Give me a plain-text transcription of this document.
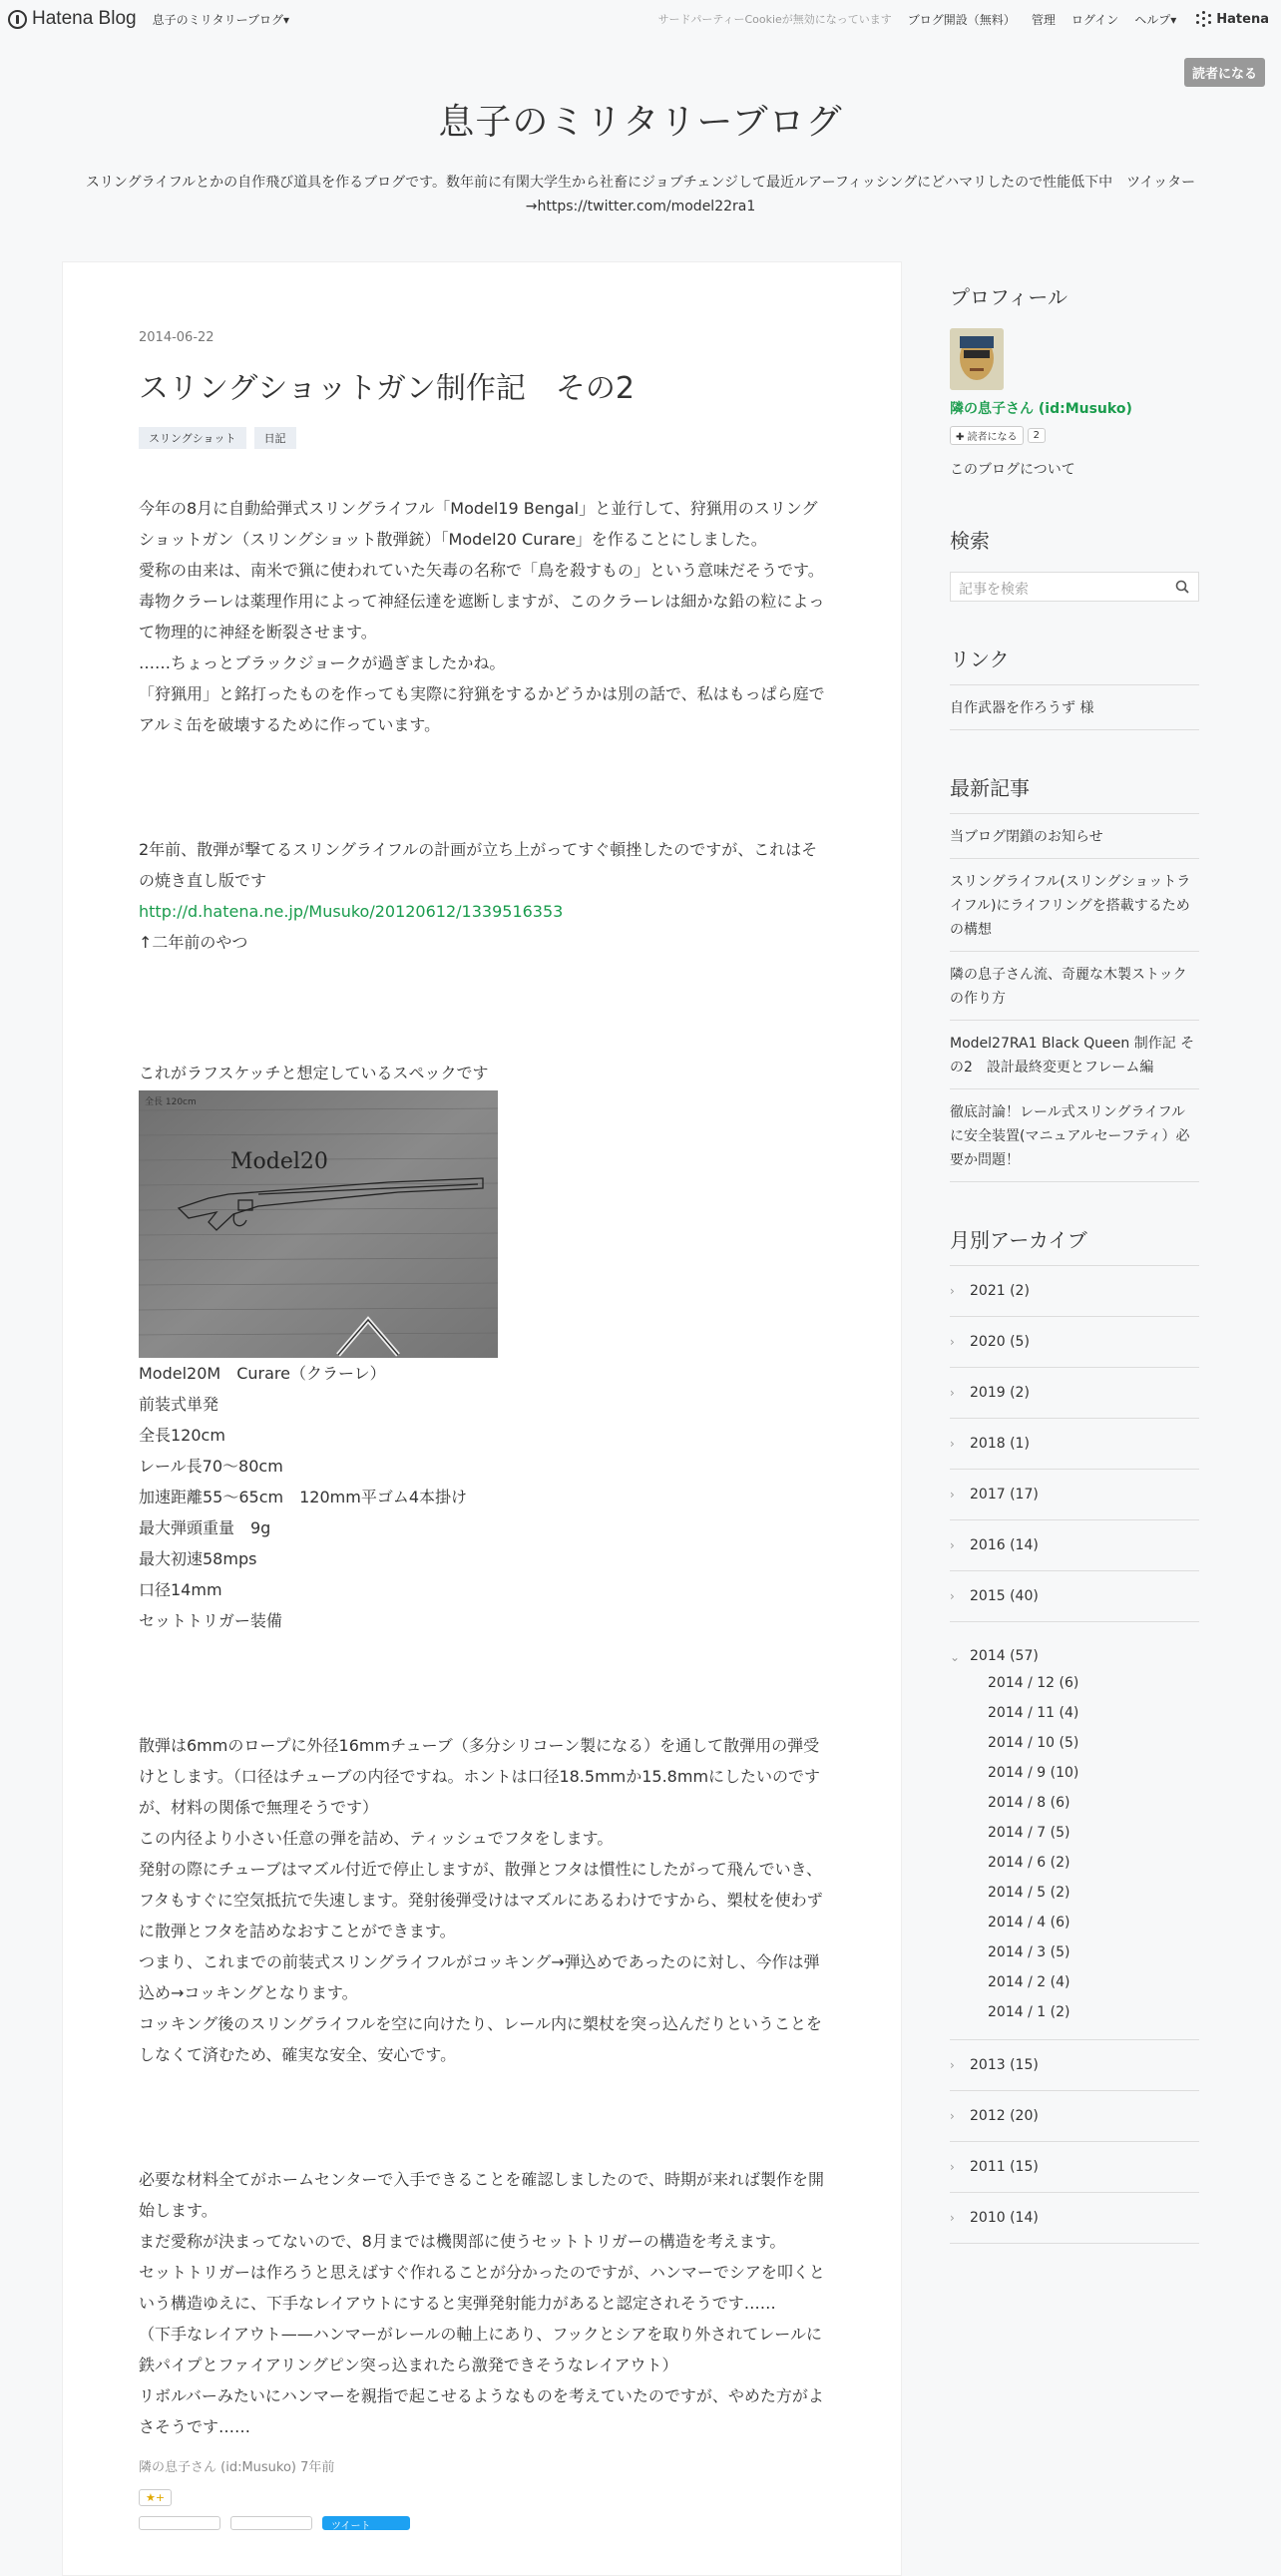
Hatena Blog 息子のミリタリーブログ▾	サードパーティーCookieが無効になっています ブログ開設（無料） 管理 ログイン ヘルプ▾	Hatena
読者になる
息子のミリタリーブログ
スリングライフルとかの自作飛び道具を作るブログです。数年前に有閑大学生から社畜にジョブチェンジして最近ルアーフィッシングにどハマリしたので性能低下中　ツイッター→https://twitter.com/model22ra1
2014-06-22
スリングショットガン制作記　その2
スリングショット	日記

今年の8月に自動給弾式スリングライフル「Model19 Bengal」と並行して、狩猟用のスリングショットガン（スリングショット散弾銃）「Model20 Curare」を作ることにしました。

愛称の由来は、南米で猟に使われていた矢毒の名称で「鳥を殺すもの」という意味だそうです。

毒物クラーレは薬理作用によって神経伝達を遮断しますが、このクラーレは細かな鉛の粒によって物理的に神経を断裂させます。

……ちょっとブラックジョークが過ぎましたかね。

「狩猟用」と銘打ったものを作っても実際に狩猟をするかどうかは別の話で、私はもっぱら庭でアルミ缶を破壊するために作っています。

2年前、散弾が撃てるスリングライフルの計画が立ち上がってすぐ頓挫したのですが、これはその焼き直し版です

http://d.hatena.ne.jp/Musuko/20120612/1339516353

↑二年前のやつ

これがラフスケッチと想定しているスペックです

Model20
全長 120cm

Model20M　Curare（クラーレ）

前装式単発

全長120cm

レール長70〜80cm

加速距離55〜65cm　120mm平ゴム4本掛け

最大弾頭重量　9g

最大初速58mps

口径14mm

セットトリガー装備

散弾は6mmのロープに外径16mmチューブ（多分シリコーン製になる）を通して散弾用の弾受けとします。（口径はチューブの内径ですね。ホントは口径18.5mmか15.8mmにしたいのですが、材料の関係で無理そうです）

この内径より小さい任意の弾を詰め、ティッシュでフタをします。

発射の際にチューブはマズル付近で停止しますが、散弾とフタは慣性にしたがって飛んでいき、フタもすぐに空気抵抗で失速します。発射後弾受けはマズルにあるわけですから、槊杖を使わずに散弾とフタを詰めなおすことができます。

つまり、これまでの前装式スリングライフルがコッキング→弾込めであったのに対し、今作は弾込め→コッキングとなります。

コッキング後のスリングライフルを空に向けたり、レール内に槊杖を突っ込んだりということをしなくて済むため、確実な安全、安心です。

必要な材料全てがホームセンターで入手できることを確認しましたので、時期が来れば製作を開始します。

まだ愛称が決まってないので、8月までは機関部に使うセットトリガーの構造を考えます。

セットトリガーは作ろうと思えばすぐ作れることが分かったのですが、ハンマーでシアを叩くという構造ゆえに、下手なレイアウトにすると実弾発射能力があると認定されそうです……

（下手なレイアウト——ハンマーがレールの軸上にあり、フックとシアを取り外されてレールに鉄パイプとファイアリングピン突っ込まれたら激発できそうなレイアウト）

リボルバーみたいにハンマーを親指で起こせるようなものを考えていたのですが、やめた方がよさそうです……

隣の息子さん (id:Musuko) 7年前
★+
ツイート
プロフィール
隣の息子さん (id:Musuko)
✚ 読者になる	2
このブログについて
検索
記事を検索
リンク
自作武器を作ろうず 様
最新記事
当ブログ閉鎖のお知らせ
スリングライフル(スリングショットライフル)にライフリングを搭載するための構想
隣の息子さん流、奇麗な木製ストックの作り方
Model27RA1 Black Queen 制作記 その2　設計最終変更とフレーム編
徹底討論！レール式スリングライフルに安全装置(マニュアルセーフティ）必要か問題！
月別アーカイブ
›	2021 (2)
›	2020 (5)
›	2019 (2)
›	2018 (1)
›	2017 (17)
›	2016 (14)
›	2015 (40)
⌄ 2014 (57)
2014 / 12 (6)
2014 / 11 (4)
2014 / 10 (5)
2014 / 9 (10)
2014 / 8 (6)
2014 / 7 (5)
2014 / 6 (2)
2014 / 5 (2)
2014 / 4 (6)
2014 / 3 (5)
2014 / 2 (4)
2014 / 1 (2)
›	2013 (15)
›	2012 (20)
›	2011 (15)
›	2010 (14)
